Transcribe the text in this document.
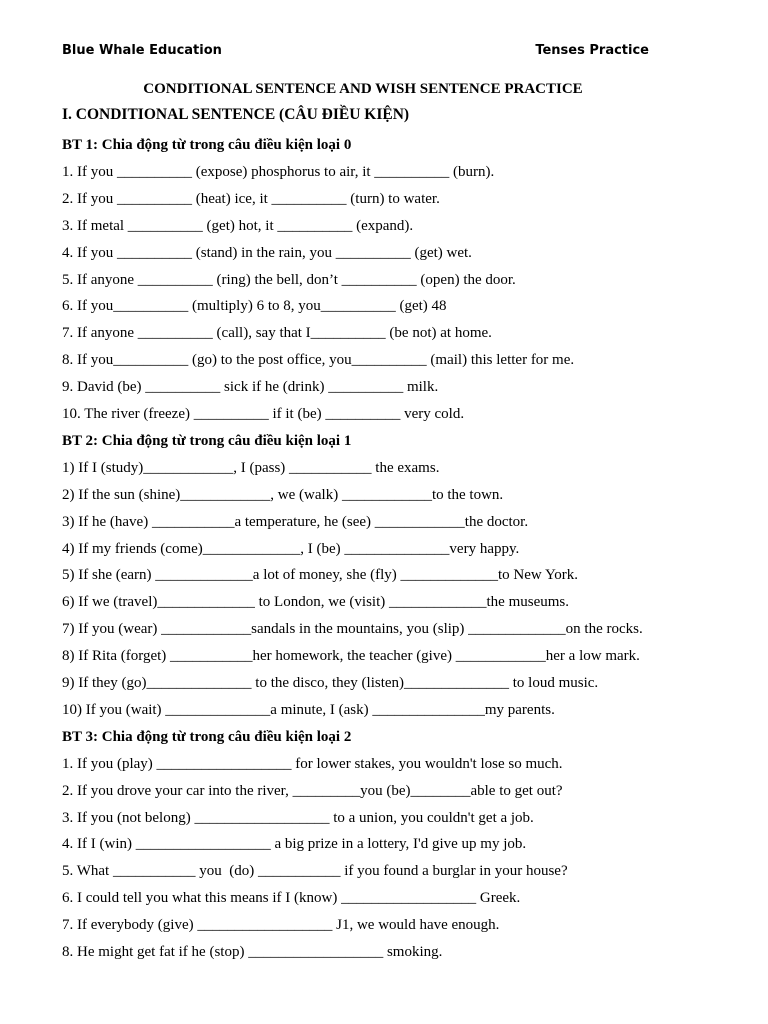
Blue Whale Education	Tenses Practice
CONDITIONAL SENTENCE AND WISH SENTENCE PRACTICE
I. CONDITIONAL SENTENCE (CÂU ĐIỀU KIỆN)
BT 1: Chia động từ trong câu điều kiện loại 0
1. If you __________ (expose) phosphorus to air, it __________ (burn).
2. If you __________ (heat) ice, it __________ (turn) to water.
3. If metal __________ (get) hot, it __________ (expand).
4. If you __________ (stand) in the rain, you __________ (get) wet.
5. If anyone __________ (ring) the bell, don’t __________ (open) the door.
6. If you__________ (multiply) 6 to 8, you__________ (get) 48
7. If anyone __________ (call), say that I__________ (be not) at home.
8. If you__________ (go) to the post office, you__________ (mail) this letter for me.
9. David (be) __________ sick if he (drink) __________ milk.
10. The river (freeze) __________ if it (be) __________ very cold.
BT 2: Chia động từ trong câu điều kiện loại 1
1) If I (study)____________, I (pass) ___________ the exams.
2) If the sun (shine)____________, we (walk) ____________to the town.
3) If he (have) ___________a temperature, he (see) ____________the doctor.
4) If my friends (come)_____________, I (be) ______________very happy.
5) If she (earn) _____________a lot of money, she (fly) _____________to New York.
6) If we (travel)_____________ to London, we (visit) _____________the museums.
7) If you (wear) ____________sandals in the mountains, you (slip) _____________on the rocks.
8) If Rita (forget) ___________her homework, the teacher (give) ____________her a low mark.
9) If they (go)______________ to the disco, they (listen)______________ to loud music.
10) If you (wait) ______________a minute, I (ask) _______________my parents.
BT 3: Chia động từ trong câu điều kiện loại 2
1. If you (play) __________________ for lower stakes, you wouldn't lose so much.
2. If you drove your car into the river, _________you (be)________able to get out?
3. If you (not belong) __________________ to a union, you couldn't get a job.
4. If I (win) __________________ a big prize in a lottery, I'd give up my job.
5. What ___________ you  (do) ___________ if you found a burglar in your house?
6. I could tell you what this means if I (know) __________________ Greek.
7. If everybody (give) __________________ J1, we would have enough.
8. He might get fat if he (stop) __________________ smoking.
